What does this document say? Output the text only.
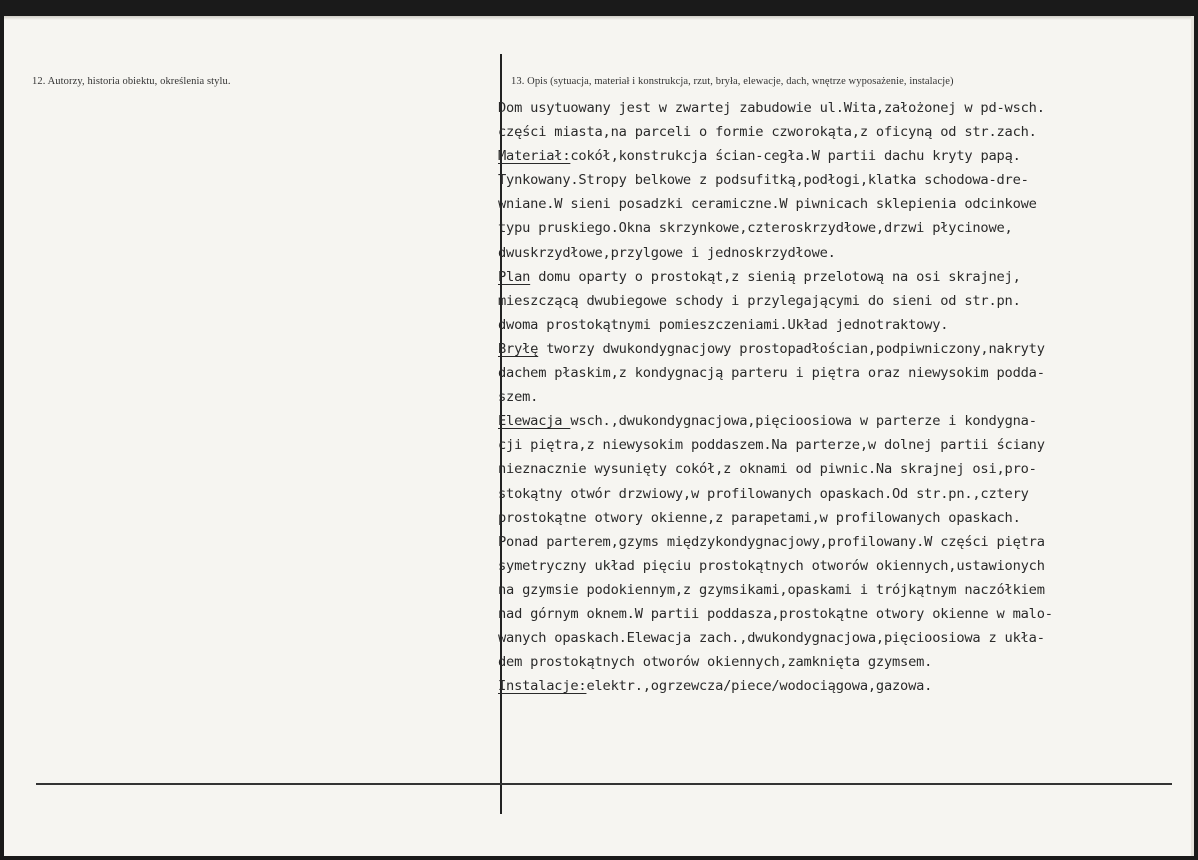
12. Autorzy, historia obiektu, określenia stylu.	13. Opis (sytuacja, materiał i konstrukcja, rzut, bryła, elewacje, dach, wnętrze wyposażenie, instalacje)
Dom usytuowany jest w zwartej zabudowie ul.Wita,założonej w pd-wsch.
części miasta,na parceli o formie czworokąta,z oficyną od str.zach.
Materiał:cokół,konstrukcja ścian-cegła.W partii dachu kryty papą.
Tynkowany.Stropy belkowe z podsufitką,podłogi,klatka schodowa-dre-
wniane.W sieni posadzki ceramiczne.W piwnicach sklepienia odcinkowe
typu pruskiego.Okna skrzynkowe,czteroskrzydłowe,drzwi płycinowe,
dwuskrzydłowe,przylgowe i jednoskrzydłowe.
Plan domu oparty o prostokąt,z sienią przelotową na osi skrajnej,
mieszczącą dwubiegowe schody i przylegającymi do sieni od str.pn.
dwoma prostokątnymi pomieszczeniami.Układ jednotraktowy.
Bryłę tworzy dwukondygnacjowy prostopadłościan,podpiwniczony,nakryty
dachem płaskim,z kondygnacją parteru i piętra oraz niewysokim podda-
szem.
Elewacja wsch.,dwukondygnacjowa,pięcioosiowa w parterze i kondygna-
cji piętra,z niewysokim poddaszem.Na parterze,w dolnej partii ściany
nieznacznie wysunięty cokół,z oknami od piwnic.Na skrajnej osi,pro-
stokątny otwór drzwiowy,w profilowanych opaskach.Od str.pn.,cztery
prostokątne otwory okienne,z parapetami,w profilowanych opaskach.
Ponad parterem,gzyms międzykondygnacjowy,profilowany.W części piętra
symetryczny układ pięciu prostokątnych otworów okiennych,ustawionych
na gzymsie podokiennym,z gzymsikami,opaskami i trójkątnym naczółkiem
nad górnym oknem.W partii poddasza,prostokątne otwory okienne w malo-
wanych opaskach.Elewacja zach.,dwukondygnacjowa,pięcioosiowa z ukła-
dem prostokątnych otworów okiennych,zamknięta gzymsem.
Instalacje:elektr.,ogrzewcza/piece/wodociągowa,gazowa.
